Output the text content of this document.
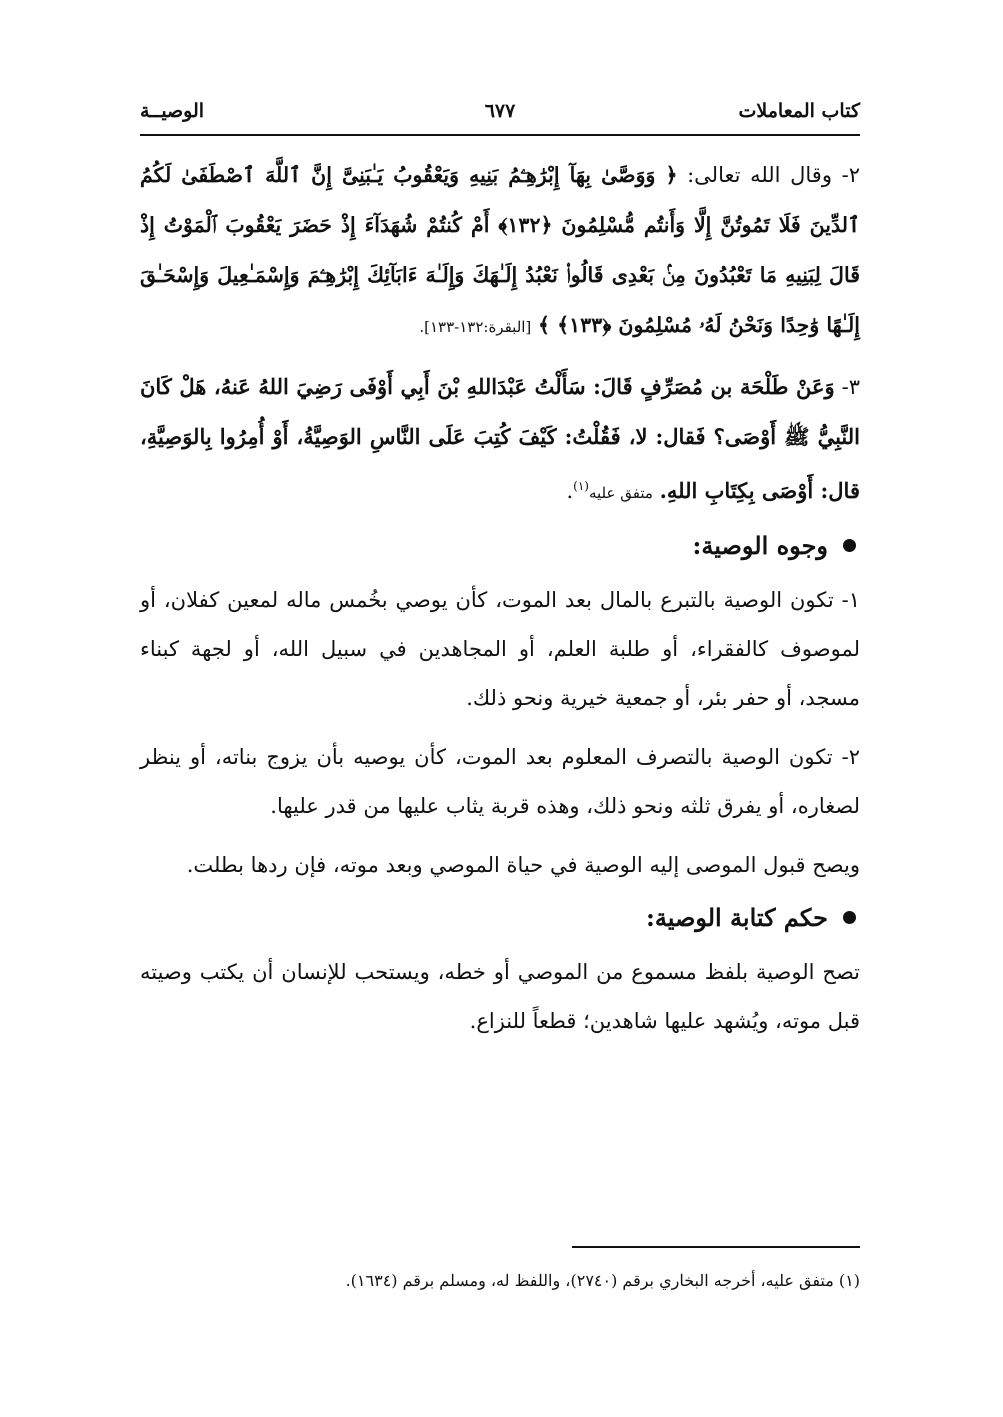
كتاب المعاملات
٦٧٧
الوصيــة

٢- وقال الله تعالى: ﴿ وَوَصَّىٰ بِهَآ إِبْرَٰهِـۧمُ بَنِيهِ وَيَعْقُوبُ يَـٰبَنِىَّ إِنَّ ٱللَّهَ ٱصْطَفَىٰ لَكُمُ ٱلدِّينَ فَلَا تَمُوتُنَّ إِلَّا وَأَنتُم مُّسْلِمُونَ ﴿١٣٢﴾ أَمْ كُنتُمْ شُهَدَآءَ إِذْ حَضَرَ يَعْقُوبَ ٱلْمَوْتُ إِذْ قَالَ لِبَنِيهِ مَا تَعْبُدُونَ مِنۢ بَعْدِى قَالُوا۟ نَعْبُدُ إِلَـٰهَكَ وَإِلَـٰهَ ءَابَآئِكَ إِبْرَٰهِـۧمَ وَإِسْمَـٰعِيلَ وَإِسْحَـٰقَ إِلَـٰهًا وَٰحِدًا وَنَحْنُ لَهُۥ مُسْلِمُونَ ﴿١٣٣﴾ ﴾ [البقرة:١٣٢-١٣٣].

٣- وَعَنْ طَلْحَة بن مُصَرِّفٍ قَالَ: سَأَلْتُ عَبْدَاللهِ بْنَ أَبِي أَوْفَى رَضِيَ اللهُ عَنهُ، هَلْ كَانَ النَّبِيُّ ﷺ أَوْصَى؟ فَقال: لا، فَقُلْتُ: كَيْفَ كُتِبَ عَلَى النَّاسِ الوَصِيَّةُ، أَوْ أُمِرُوا بِالوَصِيَّةِ، قال: أَوْصَى بِكِتَابِ اللهِ. متفق عليه$^{(١)}$.

وجوه الوصية:

١- تكون الوصية بالتبرع بالمال بعد الموت، كأن يوصي بخُمس ماله لمعين كفلان، أو لموصوف كالفقراء، أو طلبة العلم، أو المجاهدين في سبيل الله، أو لجهة كبناء مسجد، أو حفر بئر، أو جمعية خيرية ونحو ذلك.

٢- تكون الوصية بالتصرف المعلوم بعد الموت، كأن يوصيه بأن يزوج بناته، أو ينظر لصغاره، أو يفرق ثلثه ونحو ذلك، وهذه قربة يثاب عليها من قدر عليها.

ويصح قبول الموصى إليه الوصية في حياة الموصي وبعد موته، فإن ردها بطلت.

حكم كتابة الوصية:

تصح الوصية بلفظ مسموع من الموصي أو خطه، ويستحب للإنسان أن يكتب وصيته قبل موته، ويُشهد عليها شاهدين؛ قطعاً للنزاع.

(١) متفق عليه، أخرجه البخاري برقم (٢٧٤٠)، واللفظ له، ومسلم برقم (١٦٣٤).
